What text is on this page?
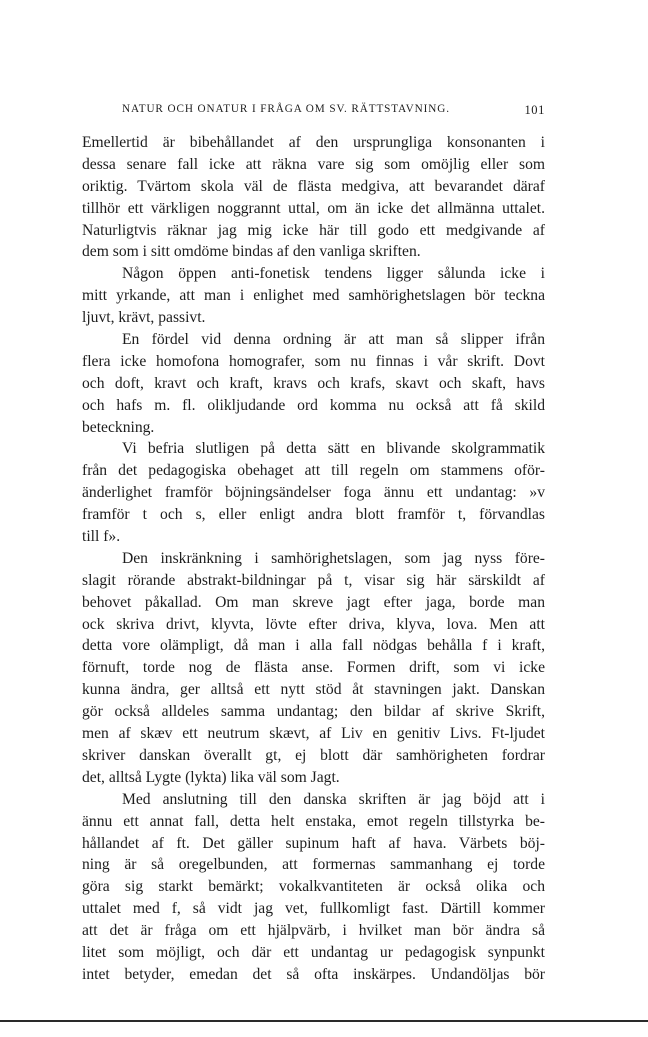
NATUR OCH ONATUR I FRÅGA OM SV. RÄTTSTAVNING.	101
Emellertid är bibehållandet af den ursprungliga konsonanten i
dessa senare fall icke att räkna vare sig som omöjlig eller som
oriktig. Tvärtom skola väl de flästa medgiva, att bevarandet däraf
tillhör ett värkligen noggrannt uttal, om än icke det allmänna uttalet.
Naturligtvis räknar jag mig icke här till godo ett medgivande af
dem som i sitt omdöme bindas af den vanliga skriften.
Någon öppen anti-fonetisk tendens ligger sålunda icke i
mitt yrkande, att man i enlighet med samhörighetslagen bör teckna
ljuvt, krävt, passivt.
En fördel vid denna ordning är att man så slipper ifrån
flera icke homofona homografer, som nu finnas i vår skrift. Dovt
och doft, kravt och kraft, kravs och krafs, skavt och skaft, havs
och hafs m. fl. olikljudande ord komma nu också att få skild
beteckning.
Vi befria slutligen på detta sätt en blivande skolgrammatik
från det pedagogiska obehaget att till regeln om stammens oför-
änderlighet framför böjningsändelser foga ännu ett undantag: »v
framför t och s, eller enligt andra blott framför t, förvandlas
till f».
Den inskränkning i samhörighetslagen, som jag nyss före-
slagit rörande abstrakt-bildningar på t, visar sig här särskildt af
behovet påkallad. Om man skreve jagt efter jaga, borde man
ock skriva drivt, klyvta, lövte efter driva, klyva, lova. Men att
detta vore olämpligt, då man i alla fall nödgas behålla f i kraft,
förnuft, torde nog de flästa anse. Formen drift, som vi icke
kunna ändra, ger alltså ett nytt stöd åt stavningen jakt. Danskan
gör också alldeles samma undantag; den bildar af skrive Skrift,
men af skæv ett neutrum skævt, af Liv en genitiv Livs. Ft-ljudet
skriver danskan överallt gt, ej blott där samhörigheten fordrar
det, alltså Lygte (lykta) lika väl som Jagt.
Med anslutning till den danska skriften är jag böjd att i
ännu ett annat fall, detta helt enstaka, emot regeln tillstyrka be-
hållandet af ft. Det gäller supinum haft af hava. Värbets böj-
ning är så oregelbunden, att formernas sammanhang ej torde
göra sig starkt bemärkt; vokalkvantiteten är också olika och
uttalet med f, så vidt jag vet, fullkomligt fast. Därtill kommer
att det är fråga om ett hjälpvärb, i hvilket man bör ändra så
litet som möjligt, och där ett undantag ur pedagogisk synpunkt
intet betyder, emedan det så ofta inskärpes. Undandöljas bör
